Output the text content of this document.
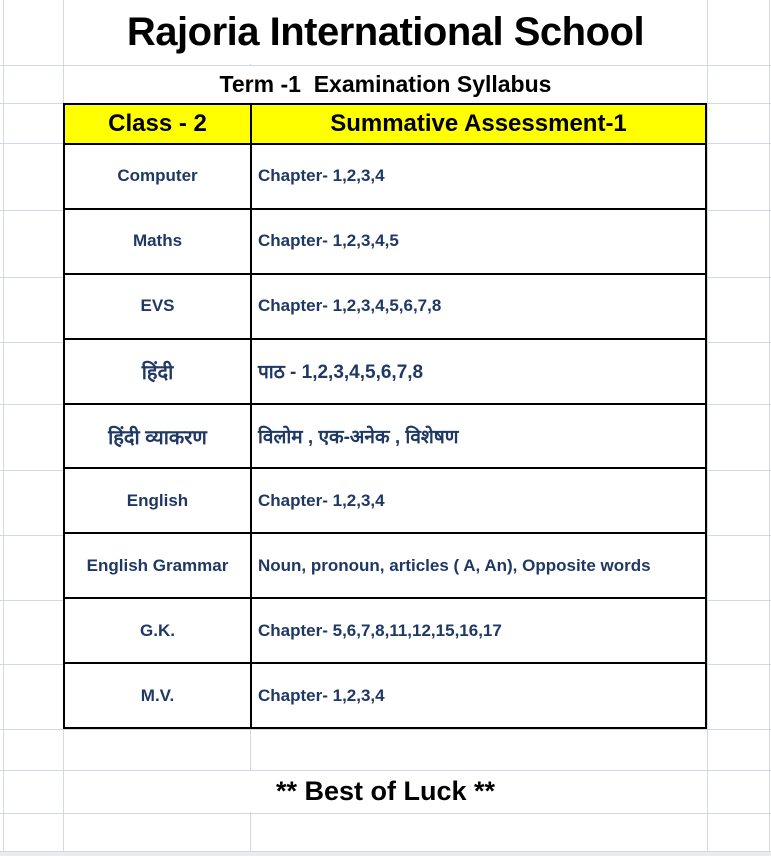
Rajoria International School
Term -1  Examination Syllabus
Class - 2	Summative Assessment-1
Computer	Chapter- 1,2,3,4
Maths	Chapter- 1,2,3,4,5
EVS	Chapter- 1,2,3,4,5,6,7,8
हिंदी	पाठ - 1,2,3,4,5,6,7,8
हिंदी व्याकरण	विलोम , एक-अनेक , विशेषण
English	Chapter- 1,2,3,4
English Grammar	Noun, pronoun, articles ( A, An), Opposite words
G.K.	Chapter- 5,6,7,8,11,12,15,16,17
M.V.	Chapter- 1,2,3,4
** Best of Luck **
